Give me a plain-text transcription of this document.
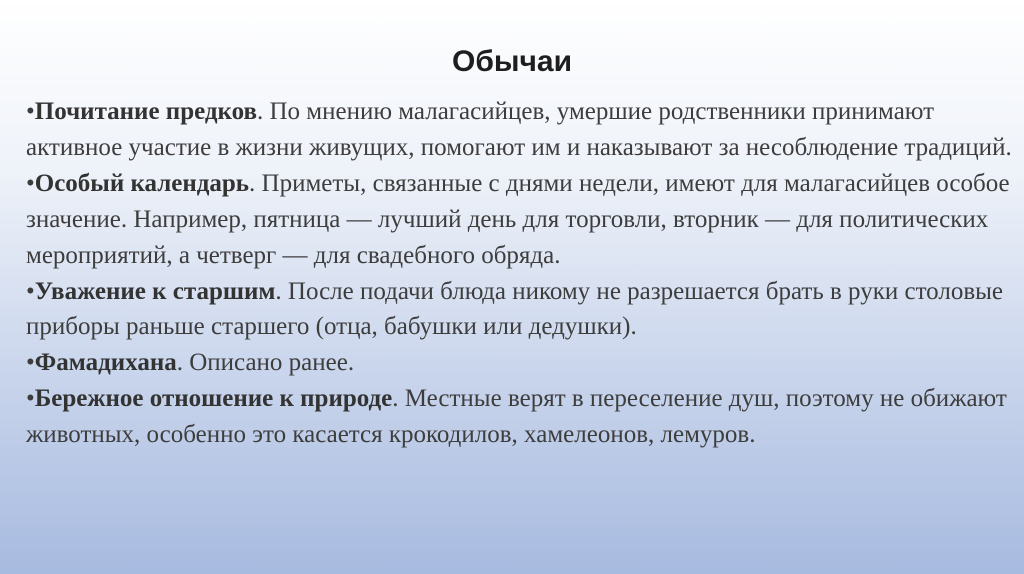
Обычаи

•Почитание предков. По мнению малагасийцев, умершие родственники принимают активное участие в жизни живущих, помогают им и наказывают за несоблюдение традиций.

•Особый календарь. Приметы, связанные с днями недели, имеют для малагасийцев особое значение. Например, пятница — лучший день для торговли, вторник — для политических мероприятий, а четверг — для свадебного обряда.

•Уважение к старшим. После подачи блюда никому не разрешается брать в руки столовые приборы раньше старшего (отца, бабушки или дедушки).

•Фамадихана. Описано ранее.

•Бережное отношение к природе. Местные верят в переселение душ, поэтому не обижают животных, особенно это касается крокодилов, хамелеонов, лемуров.
